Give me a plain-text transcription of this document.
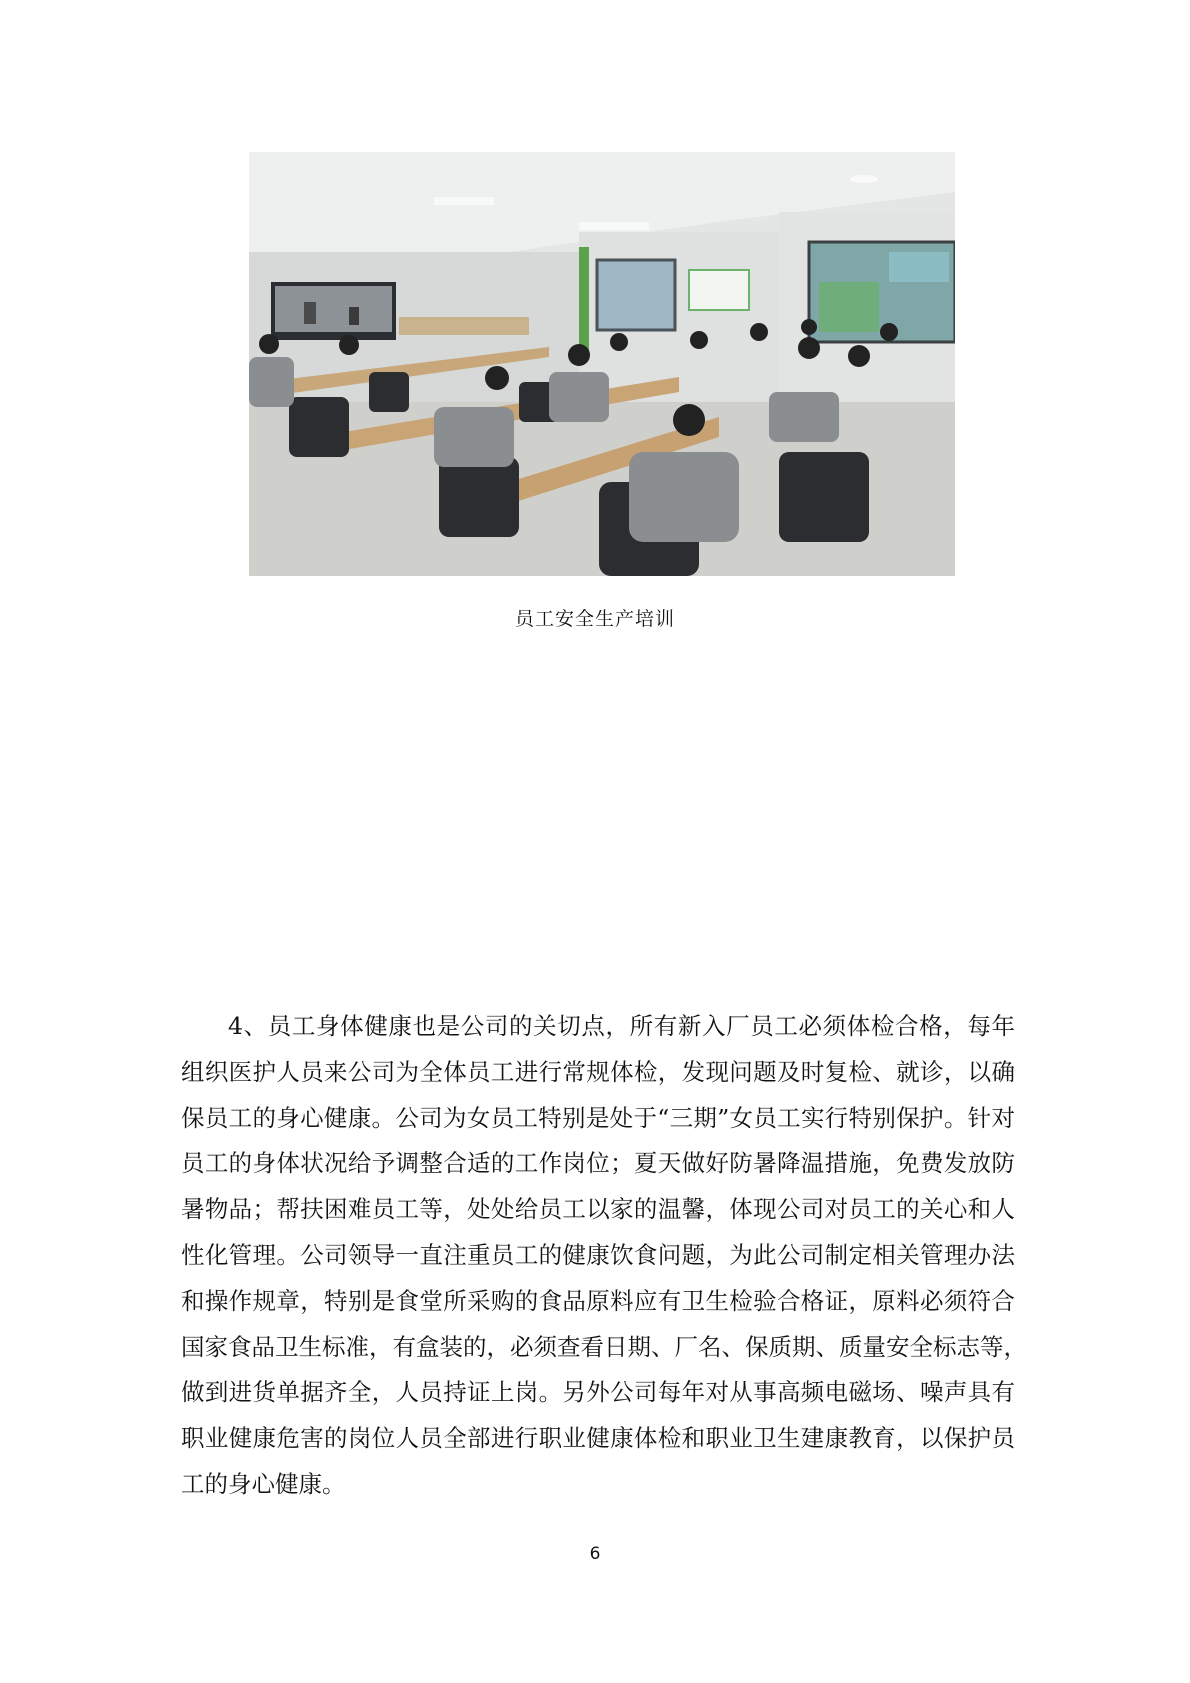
员工安全生产培训
4、员工身体健康也是公司的关切点，所有新入厂员工必须体检合格，每年
组织医护人员来公司为全体员工进行常规体检，发现问题及时复检、就诊，以确
保员工的身心健康。公司为女员工特别是处于“三期”女员工实行特别保护。针对
员工的身体状况给予调整合适的工作岗位；夏天做好防暑降温措施，免费发放防
暑物品；帮扶困难员工等，处处给员工以家的温馨，体现公司对员工的关心和人
性化管理。公司领导一直注重员工的健康饮食问题，为此公司制定相关管理办法
和操作规章，特别是食堂所采购的食品原料应有卫生检验合格证，原料必须符合
国家食品卫生标准，有盒装的，必须查看日期、厂名、保质期、质量安全标志等，
做到进货单据齐全，人员持证上岗。另外公司每年对从事高频电磁场、噪声具有
职业健康危害的岗位人员全部进行职业健康体检和职业卫生建康教育，以保护员
工的身心健康。
6
